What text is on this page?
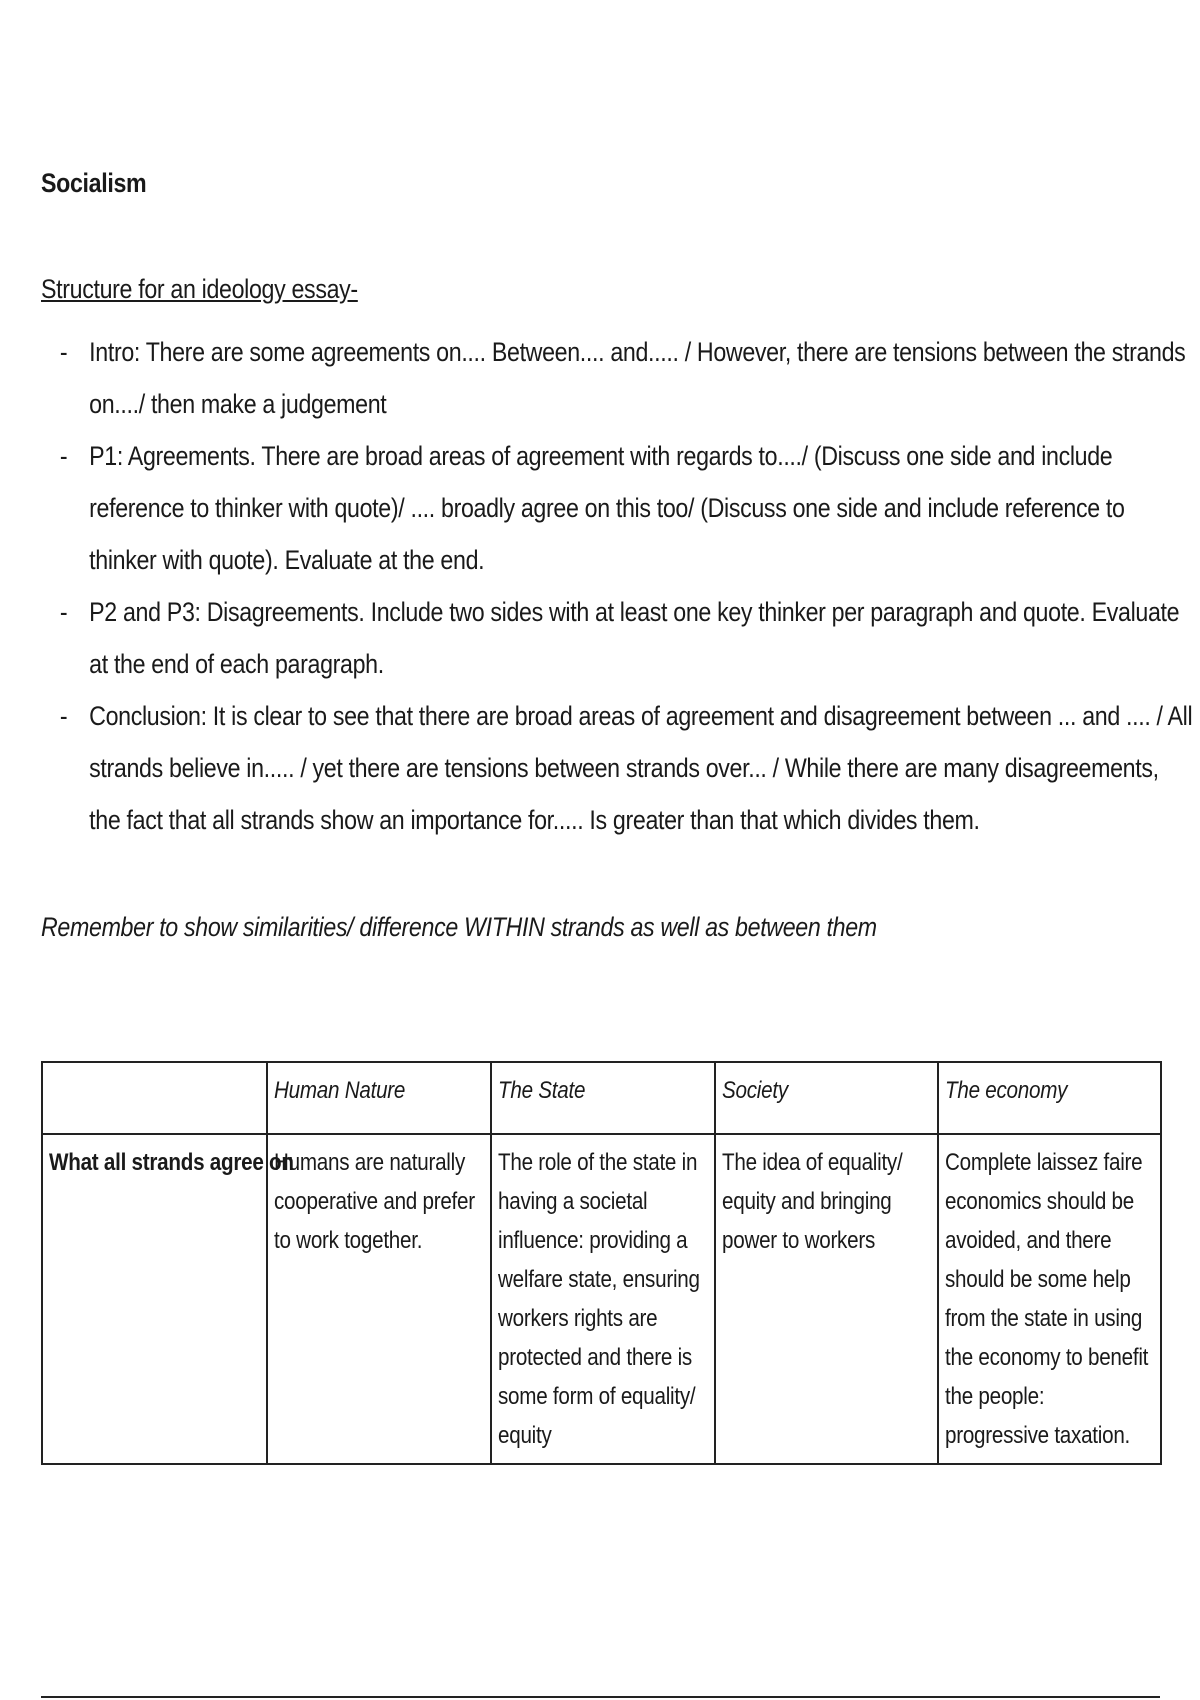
Socialism
Structure for an ideology essay-
- Intro: There are some agreements on.... Between.... and..... / However, there are tensions between the strands on..../ then make a judgement
- P1: Agreements. There are broad areas of agreement with regards to..../ (Discuss one side and include reference to thinker with quote)/ .... broadly agree on this too/ (Discuss one side and include reference to thinker with quote). Evaluate at the end.
- P2 and P3: Disagreements. Include two sides with at least one key thinker per paragraph and quote. Evaluate at the end of each paragraph.
- Conclusion: It is clear to see that there are broad areas of agreement and disagreement between ... and .... / All strands believe in..... / yet there are tensions between strands over... / While there are many disagreements, the fact that all strands show an importance for..... Is greater than that which divides them.
Remember to show similarities/ difference WITHIN strands as well as between them

	Human Nature	The State	Society	The economy

What all strands agree on	Humans are naturally cooperative and prefer to work together.	The role of the state in having a societal influence: providing a welfare state, ensuring workers rights are protected and there is some form of equality/ equity	The idea of equality/ equity and bringing power to workers	Complete laissez faire economics should be avoided, and there should be some help from the state in using the economy to benefit the people: progressive taxation.
